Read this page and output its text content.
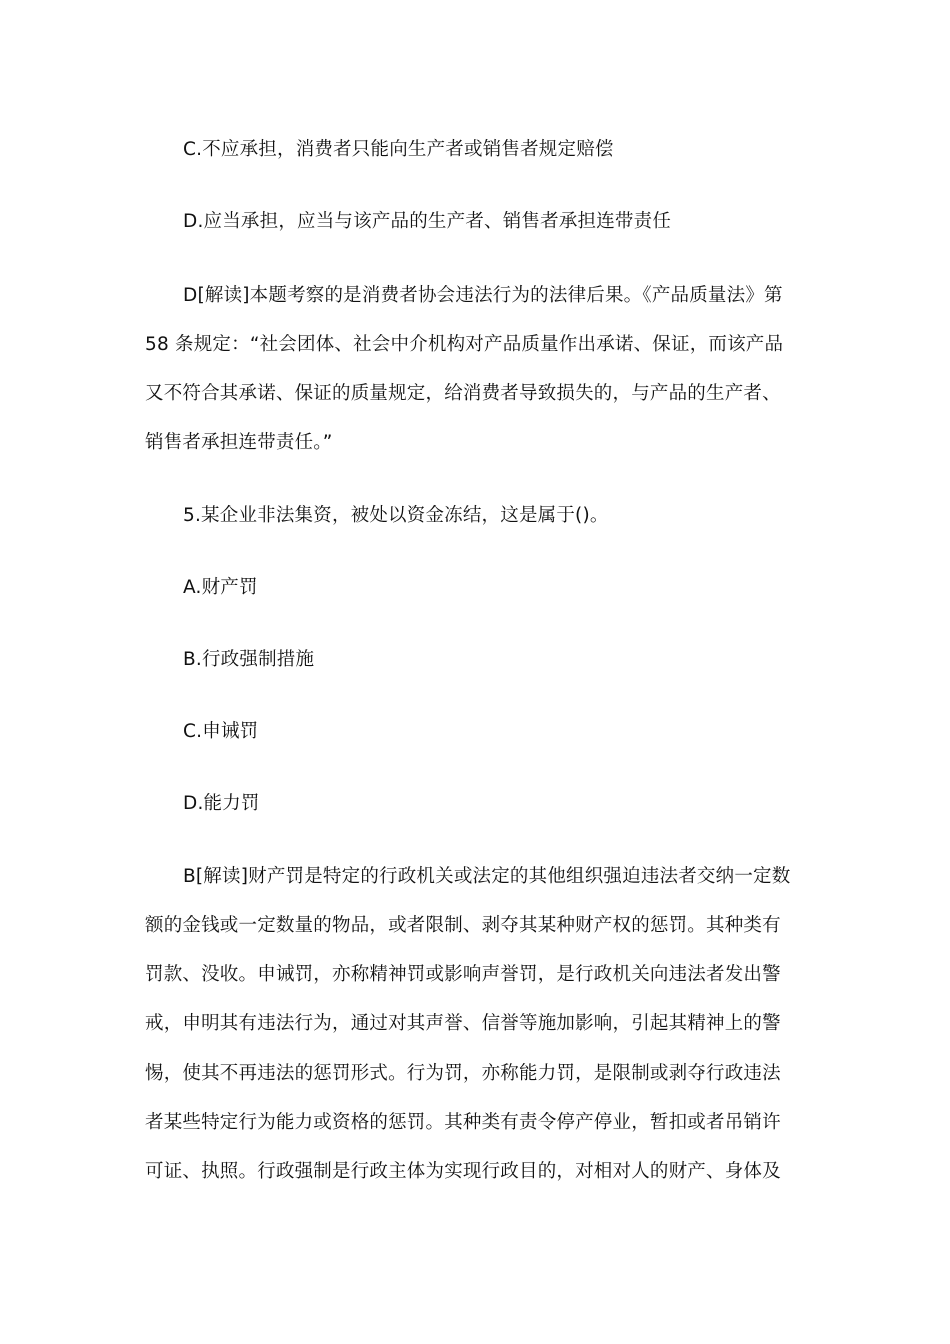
C.不应承担，消费者只能向生产者或销售者规定赔偿
D.应当承担，应当与该产品的生产者、销售者承担连带责任
D[解读]本题考察的是消费者协会违法行为的法律后果。《产品质量法》第
58 条规定：“社会团体、社会中介机构对产品质量作出承诺、保证，而该产品
又不符合其承诺、保证的质量规定，给消费者导致损失的，与产品的生产者、
销售者承担连带责任。”
5.某企业非法集资，被处以资金冻结，这是属于()。
A.财产罚
B.行政强制措施
C.申诫罚
D.能力罚
B[解读]财产罚是特定的行政机关或法定的其他组织强迫违法者交纳一定数
额的金钱或一定数量的物品，或者限制、剥夺其某种财产权的惩罚。其种类有
罚款、没收。申诫罚，亦称精神罚或影响声誉罚，是行政机关向违法者发出警
戒，申明其有违法行为，通过对其声誉、信誉等施加影响，引起其精神上的警
惕，使其不再违法的惩罚形式。行为罚，亦称能力罚，是限制或剥夺行政违法
者某些特定行为能力或资格的惩罚。其种类有责令停产停业，暂扣或者吊销许
可证、执照。行政强制是行政主体为实现行政目的，对相对人的财产、身体及
